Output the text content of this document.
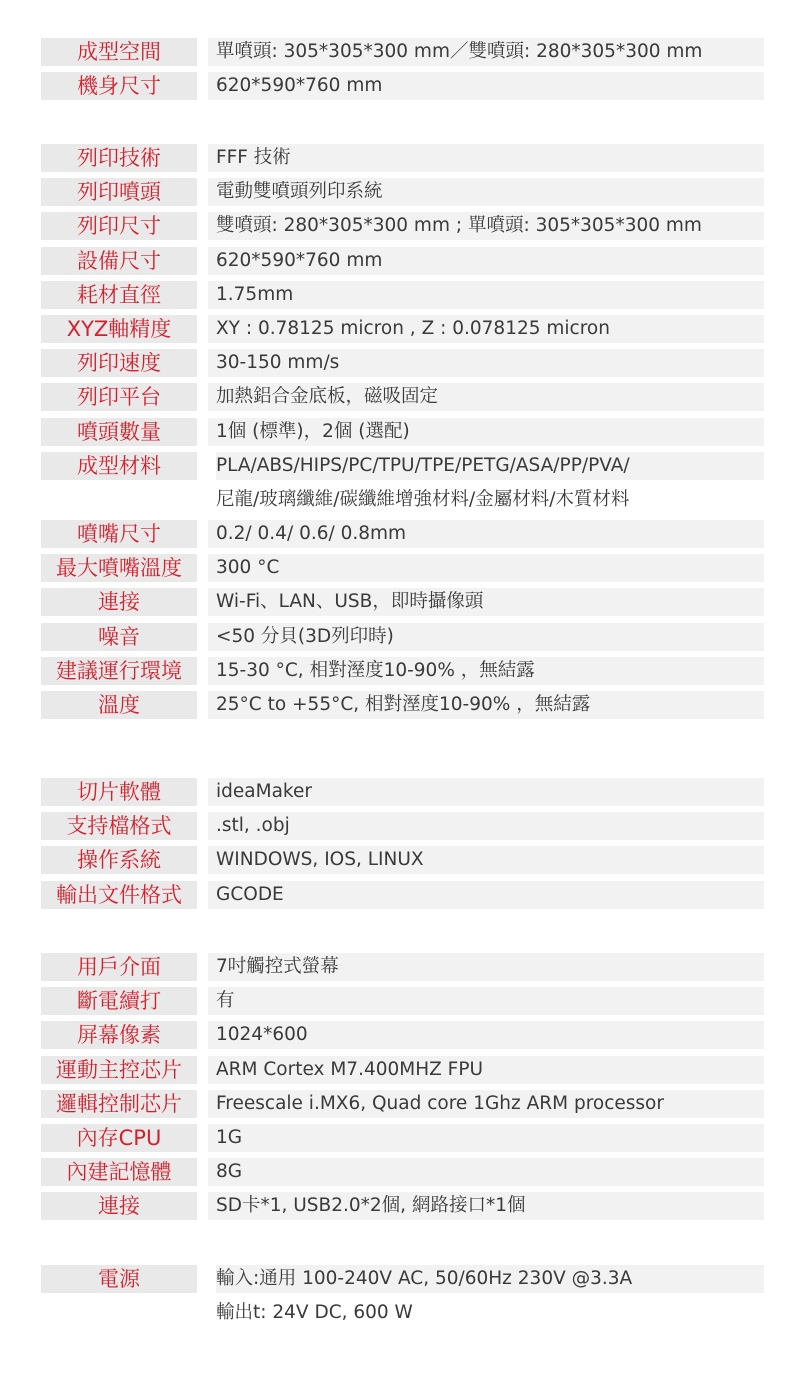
成型空間	單噴頭: 305*305*300 mm／雙噴頭: 280*305*300 mm
機身尺寸	620*590*760 mm
列印技術	FFF 技術
列印噴頭	電動雙噴頭列印系統
列印尺寸	雙噴頭: 280*305*300 mm ; 單噴頭: 305*305*300 mm
設備尺寸	620*590*760 mm
耗材直徑	1.75mm
XYZ軸精度	XY : 0.78125 micron , Z : 0.078125 micron
列印速度	30-150 mm/s
列印平台	加熱鋁合金底板，磁吸固定
噴頭數量	1個 (標準)，2個 (選配)
成型材料	PLA/ABS/HIPS/PC/TPU/TPE/PETG/ASA/PP/PVA/
尼龍/玻璃纖維/碳纖維增強材料/金屬材料/木質材料
噴嘴尺寸	0.2/ 0.4/ 0.6/ 0.8mm
最大噴嘴溫度	300 °C
連接	Wi-Fi、LAN、USB，即時攝像頭
噪音	<50 分貝(3D列印時)
建議運行環境	15-30 °C, 相對溼度10-90% ，無結露
溫度	25°C to +55°C, 相對溼度10-90% ，無結露
切片軟體	ideaMaker
支持檔格式	.stl, .obj
操作系統	WINDOWS, IOS, LINUX
輸出文件格式	GCODE
用戶介面	7吋觸控式螢幕
斷電續打	有
屏幕像素	1024*600
運動主控芯片	ARM Cortex M7.400MHZ FPU
邏輯控制芯片	Freescale i.MX6, Quad core 1Ghz ARM processor
內存CPU	1G
內建記憶體	8G
連接	SD卡*1, USB2.0*2個, 網路接口*1個
電源	輸入:通用 100-240V AC, 50/60Hz 230V @3.3A
輸出t: 24V DC, 600 W
